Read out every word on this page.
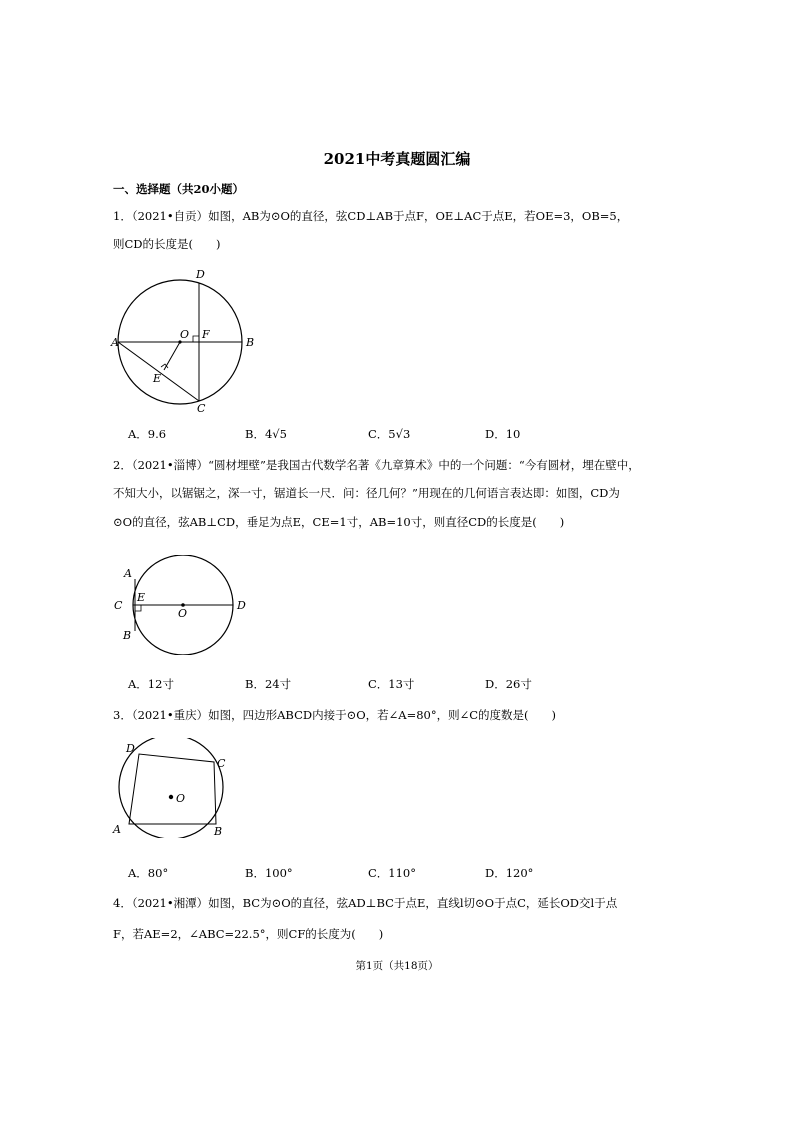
2021中考真题圆汇编
一、选择题（共20小题）
1．（2021•自贡）如图，AB为⊙O的直径，弦CD⊥AB于点F，OE⊥AC于点E，若OE=3，OB=5，
则CD的长度是(　　)
D
A
O F
B
E
C
A．9.6	B．4√5	C．5√3	D．10
2．（2021•淄博）“圆材埋壁”是我国古代数学名著《九章算术》中的一个问题：“今有圆材，埋在壁中，
不知大小，以锯锯之，深一寸，锯道长一尺．问：径几何？”用现在的几何语言表达即：如图，CD为
⊙O的直径，弦AB⊥CD，垂足为点E，CE=1寸，AB=10寸，则直径CD的长度是(　　)
A
C
E
O
D
B
A．12寸	B．24寸	C．13寸	D．26寸
3．（2021•重庆）如图，四边形ABCD内接于⊙O，若∠A=80°，则∠C的度数是(　　)
D
C
O
A	B
A．80°	B．100°	C．110°	D．120°
4．（2021•湘潭）如图，BC为⊙O的直径，弦AD⊥BC于点E，直线l切⊙O于点C，延长OD交l于点
F，若AE=2，∠ABC=22.5°，则CF的长度为(　　)
第1页（共18页）
